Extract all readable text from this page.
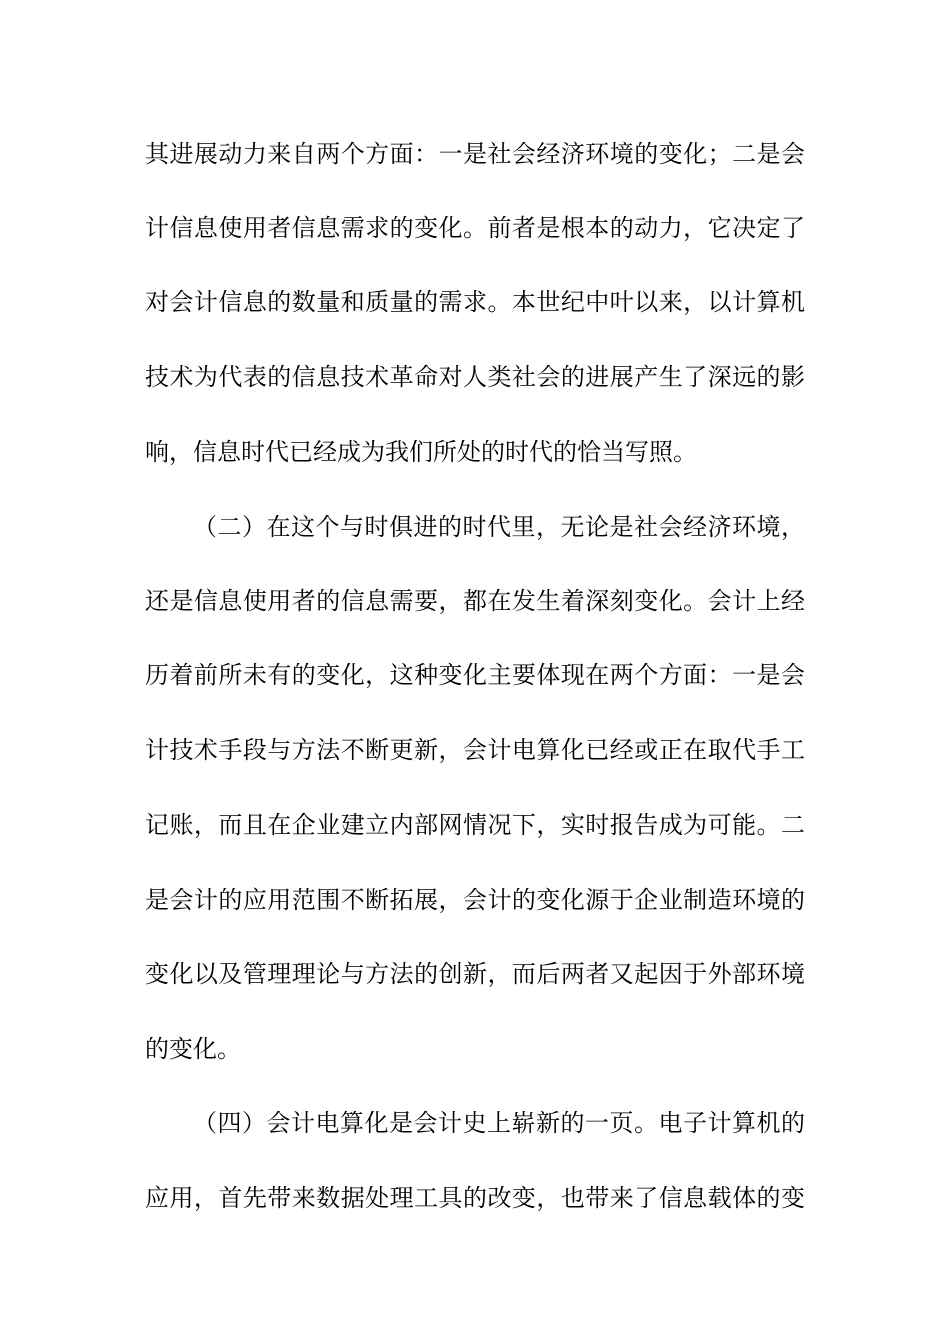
其进展动力来自两个方面：一是社会经济环境的变化；二是会
计信息使用者信息需求的变化。前者是根本的动力，它决定了
对会计信息的数量和质量的需求。本世纪中叶以来，以计算机
技术为代表的信息技术革命对人类社会的进展产生了深远的影
响，信息时代已经成为我们所处的时代的恰当写照。
（二）在这个与时俱进的时代里，无论是社会经济环境，
还是信息使用者的信息需要，都在发生着深刻变化。会计上经
历着前所未有的变化，这种变化主要体现在两个方面：一是会
计技术手段与方法不断更新，会计电算化已经或正在取代手工
记账，而且在企业建立内部网情况下，实时报告成为可能。二
是会计的应用范围不断拓展，会计的变化源于企业制造环境的
变化以及管理理论与方法的创新，而后两者又起因于外部环境
的变化。
（四）会计电算化是会计史上崭新的一页。电子计算机的
应用，首先带来数据处理工具的改变，也带来了信息载体的变
